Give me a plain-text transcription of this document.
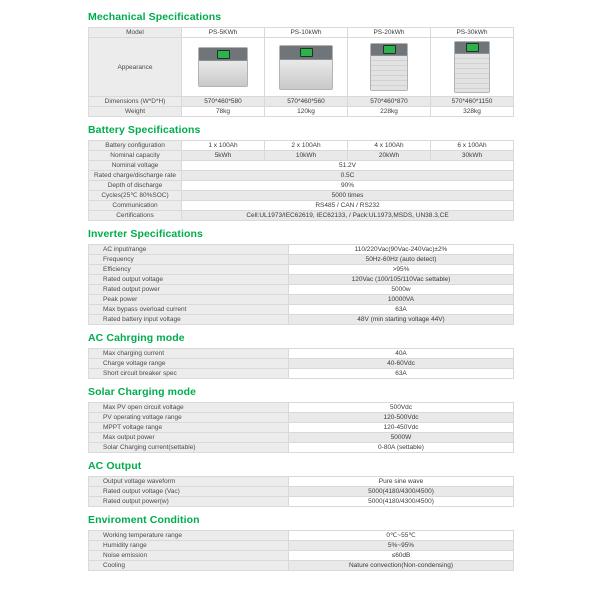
Mechanical Specifications
Model	PS-5KWh	PS-10kWh	PS-20kWh	PS-30kWh
Appearance	

Dimensions (W*D*H)	570*460*580	570*460*560	570*460*870	570*460*1150
Weight	78kg	120kg	228kg	328kg
Battery Specifications
Battery configuration	1 x 100Ah	2 x 100Ah	4 x 100Ah	6 x 100Ah
Nominal capacity	5kWh	10kWh	20kWh	30kWh
Nominal voltage	51.2V			
Rated charge/discharge rate	0.5C			
Depth of discharge	90%			
Cycles(25℃ 80%SOC)	5000 times			
Communication	RS485 / CAN / RS232			
Certifications	Cell:UL1973/IEC62619, IEC62133, / Pack:UL1973,MSDS, UN38.3,CE			
Inverter Specifications
AC input/range	110/220Vac(90Vac-240Vac)±2%
Frequency	50Hz-60Hz (auto detect)
Efficiency	>95%
Rated output voltage	120Vac (100/105/110Vac settable)
Rated output power	5000w
Peak power	10000VA
Max bypass overload current	63A
Rated battery input voltage	48V (min starting voltage 44V)
AC Cahrging mode
Max charging current	40A
Charge voltage range	40-60Vdc
Short circuit breaker spec	63A
Solar Charging mode
Max PV open circuit voltage	500Vdc
PV operating voltage range	120-500Vdc
MPPT voltage range	120-450Vdc
Max output power	5000W
Solar Charging current(settable)	0-80A (settable)
AC Output
Output voltage waveform	Pure sine wave
Rated output voltage (Vac)	5000(4180/4300/4500)
Rated output power(w)	5000(4180/4300/4500)
Enviroment Condition
Working temperature range	0℃~55℃
Humidity range	5%~95%
Noise emission	≤60dB
Cooling	Nature convection(Non-condensing)
